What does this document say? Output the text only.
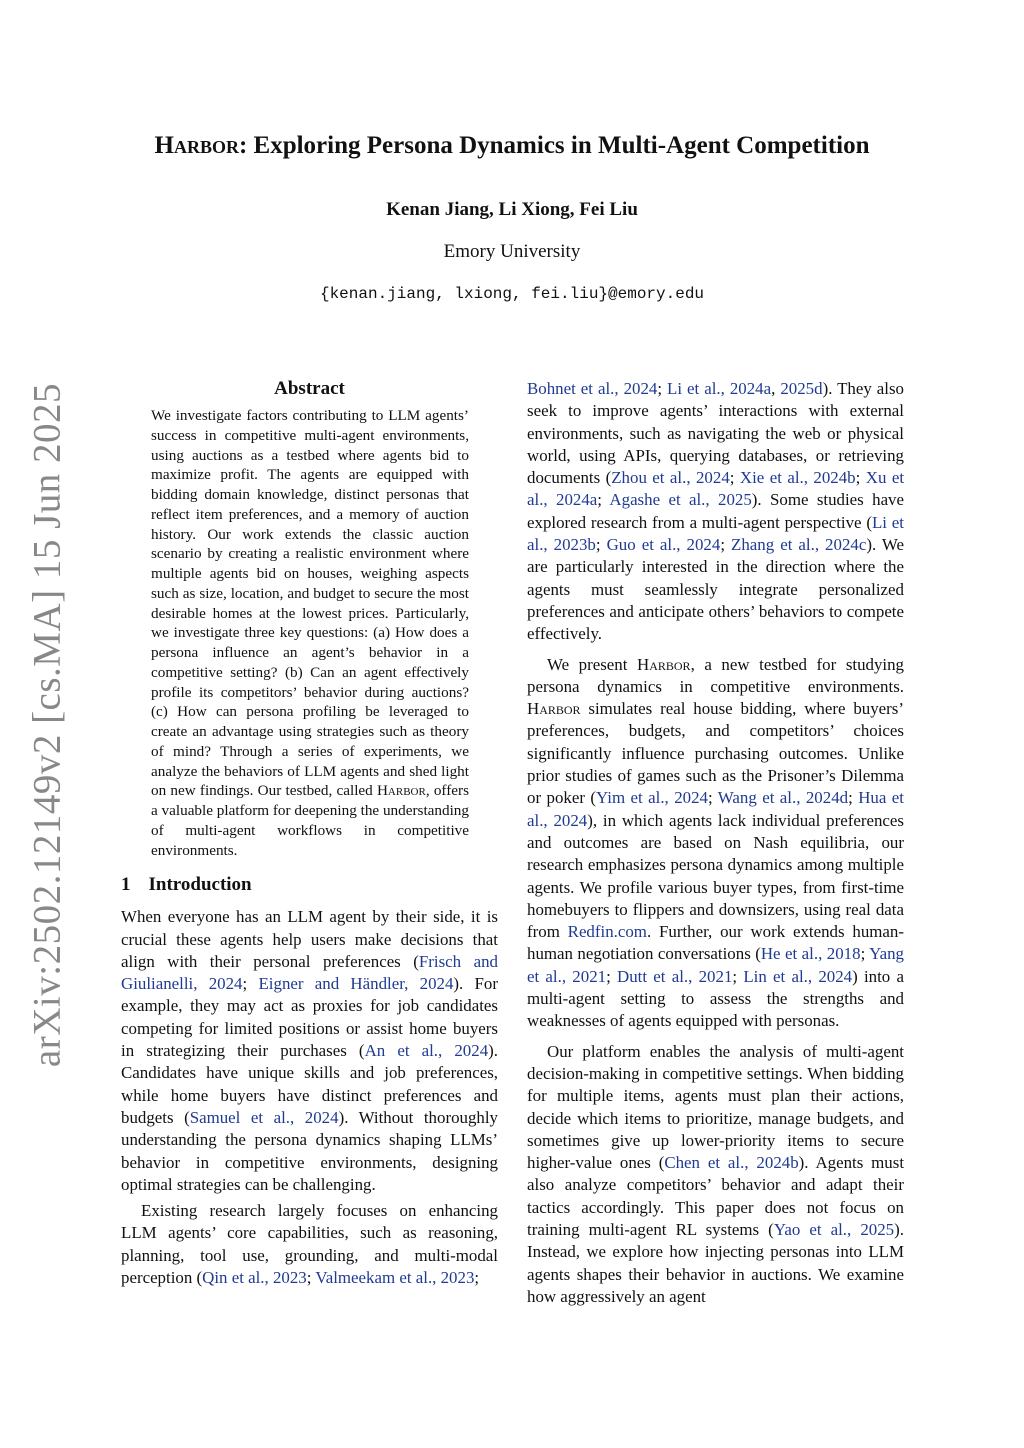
arXiv:2502.12149v2 [cs.MA] 15 Jun 2025
Harbor: Exploring Persona Dynamics in Multi-Agent Competition
Kenan Jiang, Li Xiong, Fei Liu
Emory University
{kenan.jiang, lxiong, fei.liu}@emory.edu
Abstract
We investigate factors contributing to LLM agents’ success in competitive multi-agent environments, using auctions as a testbed where agents bid to maximize profit. The agents are equipped with bidding domain knowledge, distinct personas that reflect item preferences, and a memory of auction history. Our work extends the classic auction scenario by creating a realistic environment where multiple agents bid on houses, weighing aspects such as size, location, and budget to secure the most desirable homes at the lowest prices. Particularly, we investigate three key questions: (a) How does a persona influence an agent’s behavior in a competitive setting? (b) Can an agent effectively profile its competitors’ behavior during auctions? (c) How can persona profiling be leveraged to create an advantage using strategies such as theory of mind? Through a series of experiments, we analyze the behaviors of LLM agents and shed light on new findings. Our testbed, called Harbor, offers a valuable platform for deepening the understanding of multi-agent workflows in competitive environments.
1 Introduction

When everyone has an LLM agent by their side, it is crucial these agents help users make decisions that align with their personal preferences (Frisch and Giulianelli, 2024; Eigner and Händler, 2024). For example, they may act as proxies for job candidates competing for limited positions or assist home buyers in strategizing their purchases (An et al., 2024). Candidates have unique skills and job preferences, while home buyers have distinct preferences and budgets (Samuel et al., 2024). Without thoroughly understanding the persona dynamics shaping LLMs’ behavior in competitive environments, designing optimal strategies can be challenging.

Existing research largely focuses on enhancing LLM agents’ core capabilities, such as reasoning, planning, tool use, grounding, and multi-modal perception (Qin et al., 2023; Valmeekam et al., 2023;

Bohnet et al., 2024; Li et al., 2024a, 2025d). They also seek to improve agents’ interactions with external environments, such as navigating the web or physical world, using APIs, querying databases, or retrieving documents (Zhou et al., 2024; Xie et al., 2024b; Xu et al., 2024a; Agashe et al., 2025). Some studies have explored research from a multi-agent perspective (Li et al., 2023b; Guo et al., 2024; Zhang et al., 2024c). We are particularly interested in the direction where the agents must seamlessly integrate personalized preferences and anticipate others’ behaviors to compete effectively.

We present Harbor, a new testbed for studying persona dynamics in competitive environments. Harbor simulates real house bidding, where buyers’ preferences, budgets, and competitors’ choices significantly influence purchasing outcomes. Unlike prior studies of games such as the Prisoner’s Dilemma or poker (Yim et al., 2024; Wang et al., 2024d; Hua et al., 2024), in which agents lack individual preferences and outcomes are based on Nash equilibria, our research emphasizes persona dynamics among multiple agents. We profile various buyer types, from first-time homebuyers to flippers and downsizers, using real data from Redfin.com. Further, our work extends human-human negotiation conversations (He et al., 2018; Yang et al., 2021; Dutt et al., 2021; Lin et al., 2024) into a multi-agent setting to assess the strengths and weaknesses of agents equipped with personas.

Our platform enables the analysis of multi-agent decision-making in competitive settings. When bidding for multiple items, agents must plan their actions, decide which items to prioritize, manage budgets, and sometimes give up lower-priority items to secure higher-value ones (Chen et al., 2024b). Agents must also analyze competitors’ behavior and adapt their tactics accordingly. This paper does not focus on training multi-agent RL systems (Yao et al., 2025). Instead, we explore how injecting personas into LLM agents shapes their behavior in auctions. We examine how aggressively an agent
